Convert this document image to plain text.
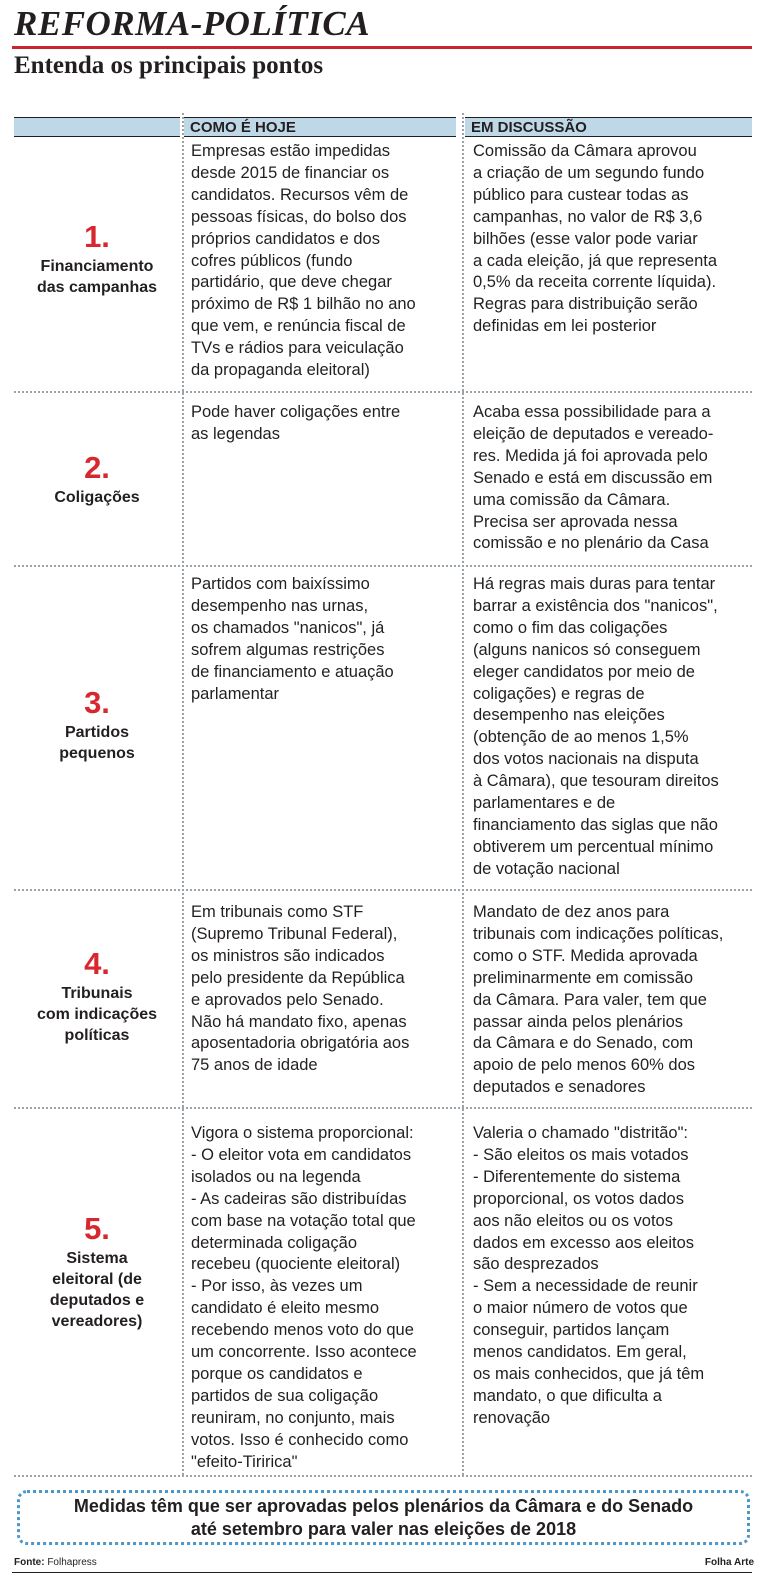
REFORMA-POLÍTICA
Entenda os principais pontos
COMO É HOJE	EM DISCUSSÃO
1.
Financiamento
das campanhas
Empresas estão impedidas
desde 2015 de financiar os
candidatos. Recursos vêm de
pessoas físicas, do bolso dos
próprios candidatos e dos
cofres públicos (fundo
partidário, que deve chegar
próximo de R$ 1 bilhão no ano
que vem, e renúncia fiscal de
TVs e rádios para veiculação
da propaganda eleitoral)
Comissão da Câmara aprovou
a criação de um segundo fundo
público para custear todas as
campanhas, no valor de R$ 3,6
bilhões (esse valor pode variar
a cada eleição, já que representa
0,5% da receita corrente líquida).
Regras para distribuição serão
definidas em lei posterior
2.
Coligações
Pode haver coligações entre
as legendas
Acaba essa possibilidade para a
eleição de deputados e vereado-
res. Medida já foi aprovada pelo
Senado e está em discussão em
uma comissão da Câmara.
Precisa ser aprovada nessa
comissão e no plenário da Casa
3.
Partidos
pequenos
Partidos com baixíssimo
desempenho nas urnas,
os chamados "nanicos", já
sofrem algumas restrições
de financiamento e atuação
parlamentar
Há regras mais duras para tentar
barrar a existência dos "nanicos",
como o fim das coligações
(alguns nanicos só conseguem
eleger candidatos por meio de
coligações) e regras de
desempenho nas eleições
(obtenção de ao menos 1,5%
dos votos nacionais na disputa
à Câmara), que tesouram direitos
parlamentares e de
financiamento das siglas que não
obtiverem um percentual mínimo
de votação nacional
4.
Tribunais
com indicações
políticas
Em tribunais como STF
(Supremo Tribunal Federal),
os ministros são indicados
pelo presidente da República
e aprovados pelo Senado.
Não há mandato fixo, apenas
aposentadoria obrigatória aos
75 anos de idade
Mandato de dez anos para
tribunais com indicações políticas,
como o STF. Medida aprovada
preliminarmente em comissão
da Câmara. Para valer, tem que
passar ainda pelos plenários
da Câmara e do Senado, com
apoio de pelo menos 60% dos
deputados e senadores
5.
Sistema
eleitoral (de
deputados e
vereadores)
Vigora o sistema proporcional:
- O eleitor vota em candidatos
isolados ou na legenda
- As cadeiras são distribuídas
com base na votação total que
determinada coligação
recebeu (quociente eleitoral)
- Por isso, às vezes um
candidato é eleito mesmo
recebendo menos voto do que
um concorrente. Isso acontece
porque os candidatos e
partidos de sua coligação
reuniram, no conjunto, mais
votos. Isso é conhecido como
"efeito-Tiririca"
Valeria o chamado "distritão":
- São eleitos os mais votados
- Diferentemente do sistema
proporcional, os votos dados
aos não eleitos ou os votos
dados em excesso aos eleitos
são desprezados
- Sem a necessidade de reunir
o maior número de votos que
conseguir, partidos lançam
menos candidatos. Em geral,
os mais conhecidos, que já têm
mandato, o que dificulta a
renovação
Medidas têm que ser aprovadas pelos plenários da Câmara e do Senado
até setembro para valer nas eleições de 2018
Fonte: Folhapress	Folha Arte
